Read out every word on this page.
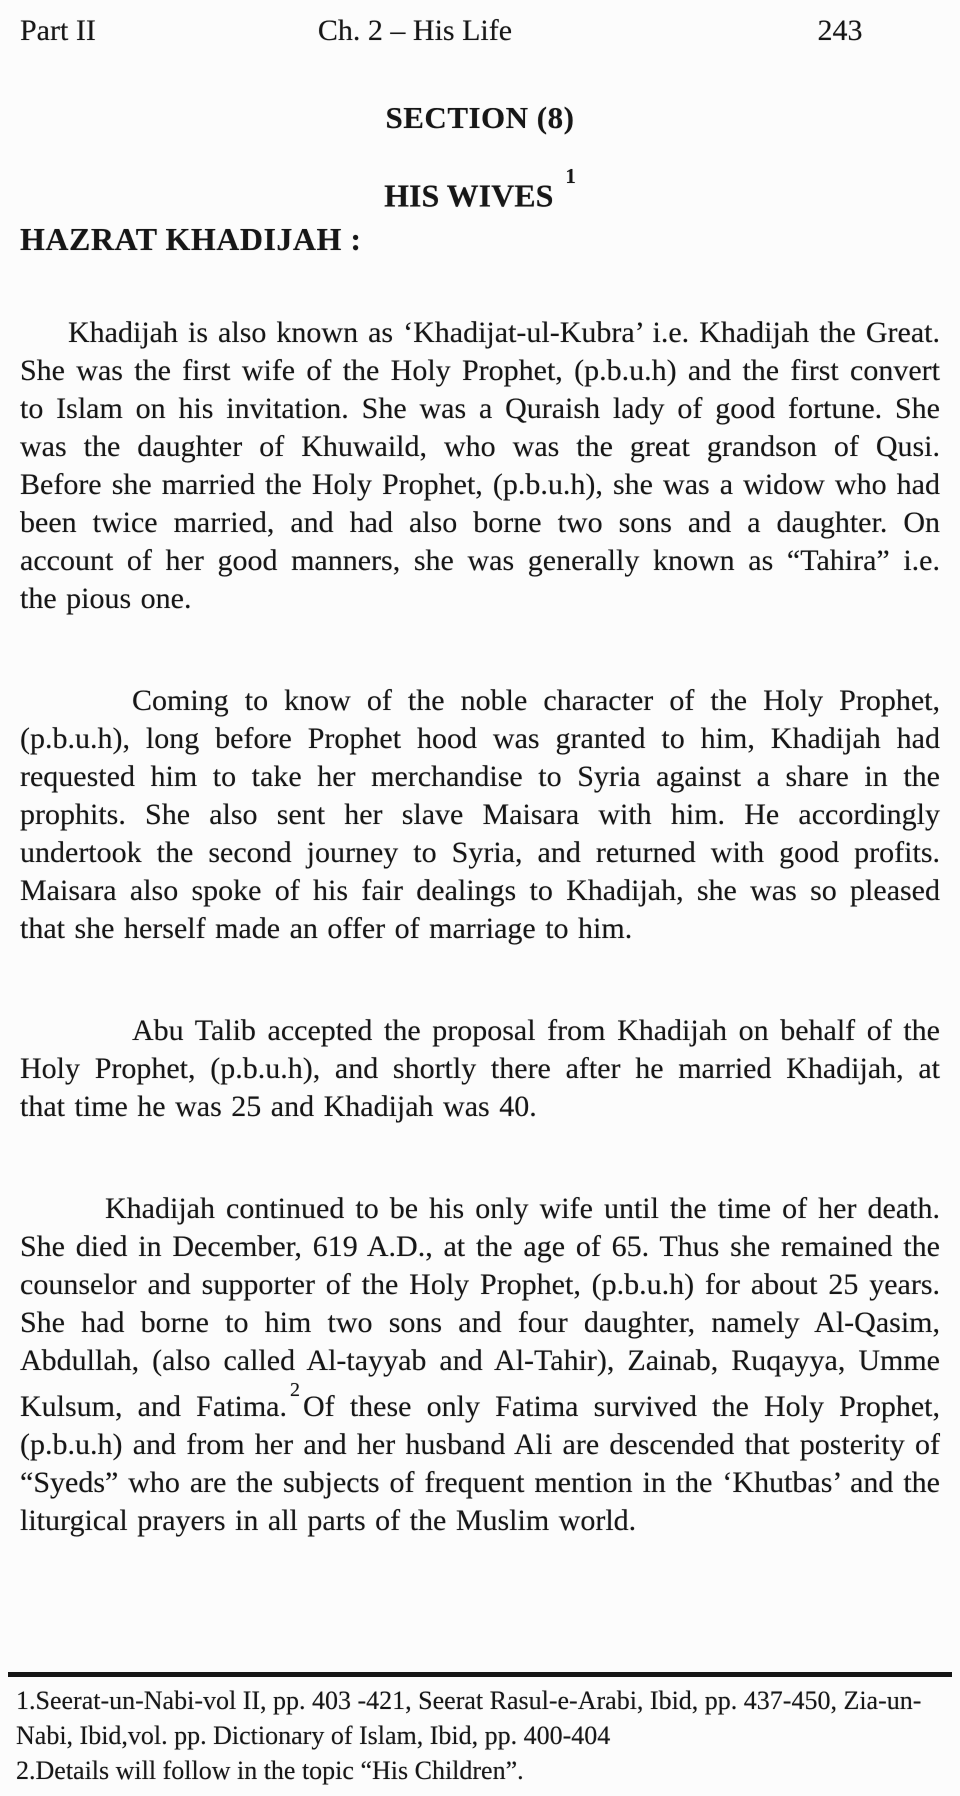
Part II	Ch. 2 – His Life	243
SECTION (8)
HIS WIVES$^1$
HAZRAT KHADIJAH :

Khadijah is also known as ‘Khadijat-ul-Kubra’ i.e. Khadijah the Great. She was the first wife of the Holy Prophet, (p.b.u.h) and the first convert to Islam on his invitation. She was a Quraish lady of good fortune. She was the daughter of Khuwaild, who was the great grandson of Qusi. Before she married the Holy Prophet, (p.b.u.h), she was a widow who had been twice married, and had also borne two sons and a daughter. On account of her good manners, she was generally known as “Tahira” i.e. the pious one.

Coming to know of the noble character of the Holy Prophet, (p.b.u.h), long before Prophet hood was granted to him, Khadijah had requested him to take her merchandise to Syria against a share in the prophits. She also sent her slave Maisara with him. He accordingly undertook the second journey to Syria, and returned with good profits. Maisara also spoke of his fair dealings to Khadijah, she was so pleased that she herself made an offer of marriage to him.

Abu Talib accepted the proposal from Khadijah on behalf of the Holy Prophet, (p.b.u.h), and shortly there after he married Khadijah, at that time he was 25 and Khadijah was 40.

Khadijah continued to be his only wife until the time of her death. She died in December, 619 A.D., at the age of 65. Thus she remained the counselor and supporter of the Holy Prophet, (p.b.u.h) for about 25 years. She had borne to him two sons and four daughter, namely Al-Qasim, Abdullah, (also called Al-tayyab and Al-Tahir), Zainab, Ruqayya, Umme Kulsum, and Fatima. $^2$ Of these only Fatima survived the Holy Prophet, (p.b.u.h) and from her and her husband Ali are descended that posterity of “Syeds” who are the subjects of frequent mention in the ‘Khutbas’ and the liturgical prayers in all parts of the Muslim world.

1.Seerat-un-Nabi-vol II, pp. 403 -421, Seerat Rasul-e-Arabi, Ibid, pp. 437-450, Zia-un-Nabi, Ibid,vol. pp. Dictionary of Islam, Ibid, pp. 400-404

2.Details will follow in the topic “His Children”.
